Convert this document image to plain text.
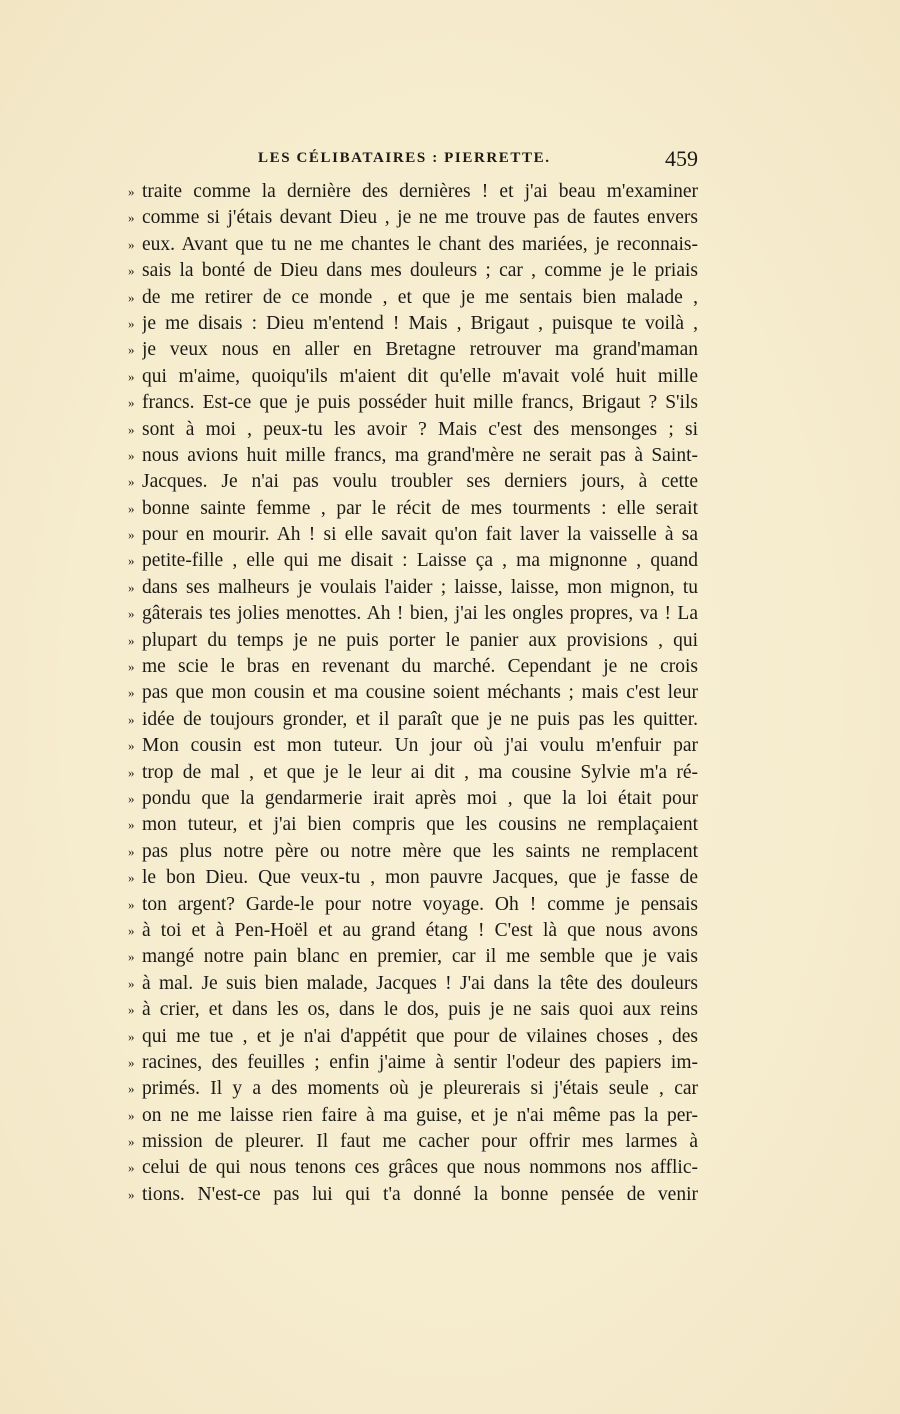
LES CÉLIBATAIRES : PIERRETTE.	459
» traite comme la dernière des dernières ! et j'ai beau m'examiner
» comme si j'étais devant Dieu , je ne me trouve pas de fautes envers
» eux. Avant que tu ne me chantes le chant des mariées, je reconnais-
» sais la bonté de Dieu dans mes douleurs ; car , comme je le priais
» de me retirer de ce monde , et que je me sentais bien malade ,
» je me disais : Dieu m'entend ! Mais , Brigaut , puisque te voilà ,
» je veux nous en aller en Bretagne retrouver ma grand'maman
» qui m'aime, quoiqu'ils m'aient dit qu'elle m'avait volé huit mille
» francs. Est-ce que je puis posséder huit mille francs, Brigaut ? S'ils
» sont à moi , peux-tu les avoir ? Mais c'est des mensonges ; si
» nous avions huit mille francs, ma grand'mère ne serait pas à Saint-
» Jacques. Je n'ai pas voulu troubler ses derniers jours, à cette
» bonne sainte femme , par le récit de mes tourments : elle serait
» pour en mourir. Ah ! si elle savait qu'on fait laver la vaisselle à sa
» petite-fille , elle qui me disait : Laisse ça , ma mignonne , quand
» dans ses malheurs je voulais l'aider ; laisse, laisse, mon mignon, tu
» gâterais tes jolies menottes. Ah ! bien, j'ai les ongles propres, va ! La
» plupart du temps je ne puis porter le panier aux provisions , qui
» me scie le bras en revenant du marché. Cependant je ne crois
» pas que mon cousin et ma cousine soient méchants ; mais c'est leur
» idée de toujours gronder, et il paraît que je ne puis pas les quitter.
» Mon cousin est mon tuteur. Un jour où j'ai voulu m'enfuir par
» trop de mal , et que je le leur ai dit , ma cousine Sylvie m'a ré-
» pondu que la gendarmerie irait après moi , que la loi était pour
» mon tuteur, et j'ai bien compris que les cousins ne remplaçaient
» pas plus notre père ou notre mère que les saints ne remplacent
» le bon Dieu. Que veux-tu , mon pauvre Jacques, que je fasse de
» ton argent? Garde-le pour notre voyage. Oh ! comme je pensais
» à toi et à Pen-Hoël et au grand étang ! C'est là que nous avons
» mangé notre pain blanc en premier, car il me semble que je vais
» à mal. Je suis bien malade, Jacques ! J'ai dans la tête des douleurs
» à crier, et dans les os, dans le dos, puis je ne sais quoi aux reins
» qui me tue , et je n'ai d'appétit que pour de vilaines choses , des
» racines, des feuilles ; enfin j'aime à sentir l'odeur des papiers im-
» primés. Il y a des moments où je pleurerais si j'étais seule , car
» on ne me laisse rien faire à ma guise, et je n'ai même pas la per-
» mission de pleurer. Il faut me cacher pour offrir mes larmes à
» celui de qui nous tenons ces grâces que nous nommons nos afflic-
» tions. N'est-ce pas lui qui t'a donné la bonne pensée de venir
